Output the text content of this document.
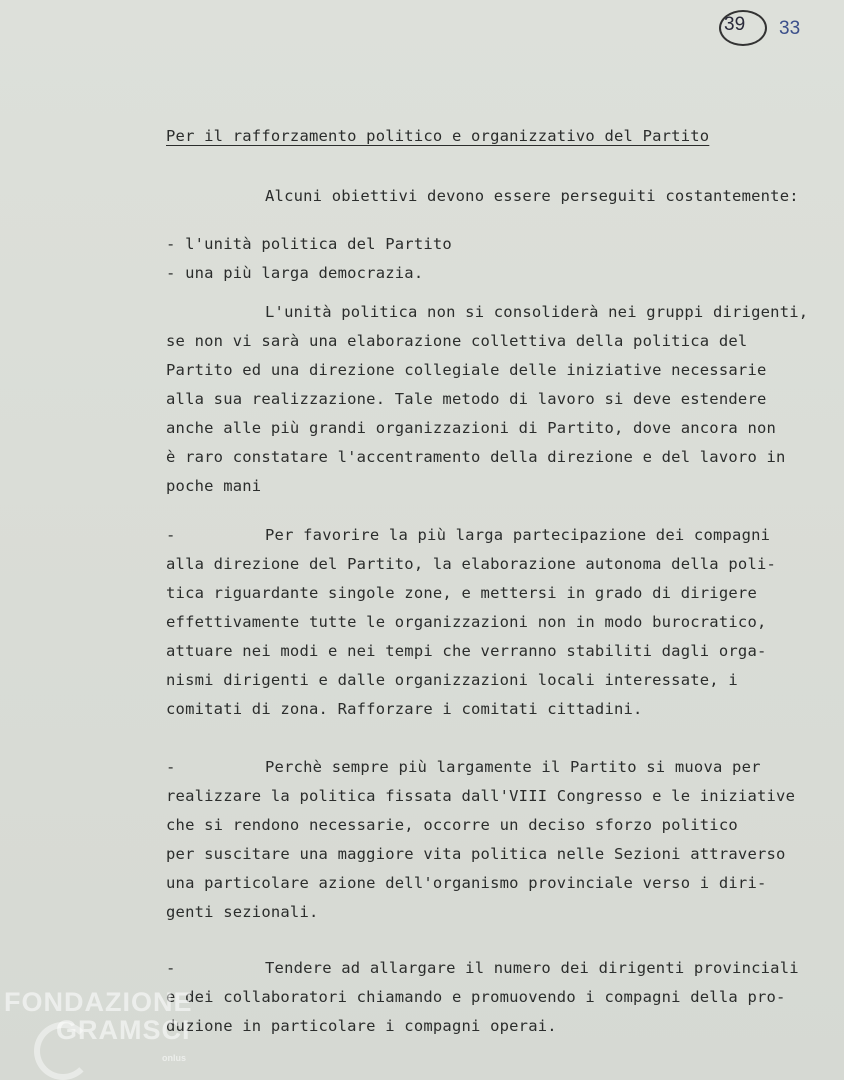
39 33
Per il rafforzamento politico e organizzativo del Partito
Alcuni obiettivi devono essere perseguiti costantemente:
- l'unità politica del Partito
- una più larga democrazia.
L'unità politica non si consoliderà nei gruppi dirigenti,
se non vi sarà una elaborazione collettiva della politica del
Partito ed una direzione collegiale delle iniziative necessarie
alla sua realizzazione. Tale metodo di lavoro si deve estendere
anche alle più grandi organizzazioni di Partito, dove ancora non
è raro constatare l'accentramento della direzione e del lavoro in
poche mani
-	Per favorire la più larga partecipazione dei compagni
alla direzione del Partito, la elaborazione autonoma della poli-
tica riguardante singole zone, e mettersi in grado di dirigere
effettivamente tutte le organizzazioni non in modo burocratico,
attuare nei modi e nei tempi che verranno stabiliti dagli orga-
nismi dirigenti e dalle organizzazioni locali interessate, i
comitati di zona. Rafforzare i comitati cittadini.
-	Perchè sempre più largamente il Partito si muova per
realizzare la politica fissata dall'VIII Congresso e le iniziative
che si rendono necessarie, occorre un deciso sforzo politico
per suscitare una maggiore vita politica nelle Sezioni attraverso
una particolare azione dell'organismo provinciale verso i diri-
genti sezionali.
-	Tendere ad allargare il numero dei dirigenti provinciali
e dei collaboratori chiamando e promuovendo i compagni della pro-
duzione in particolare i compagni operai.
FONDAZIONE
GRAMSCI
onlus
